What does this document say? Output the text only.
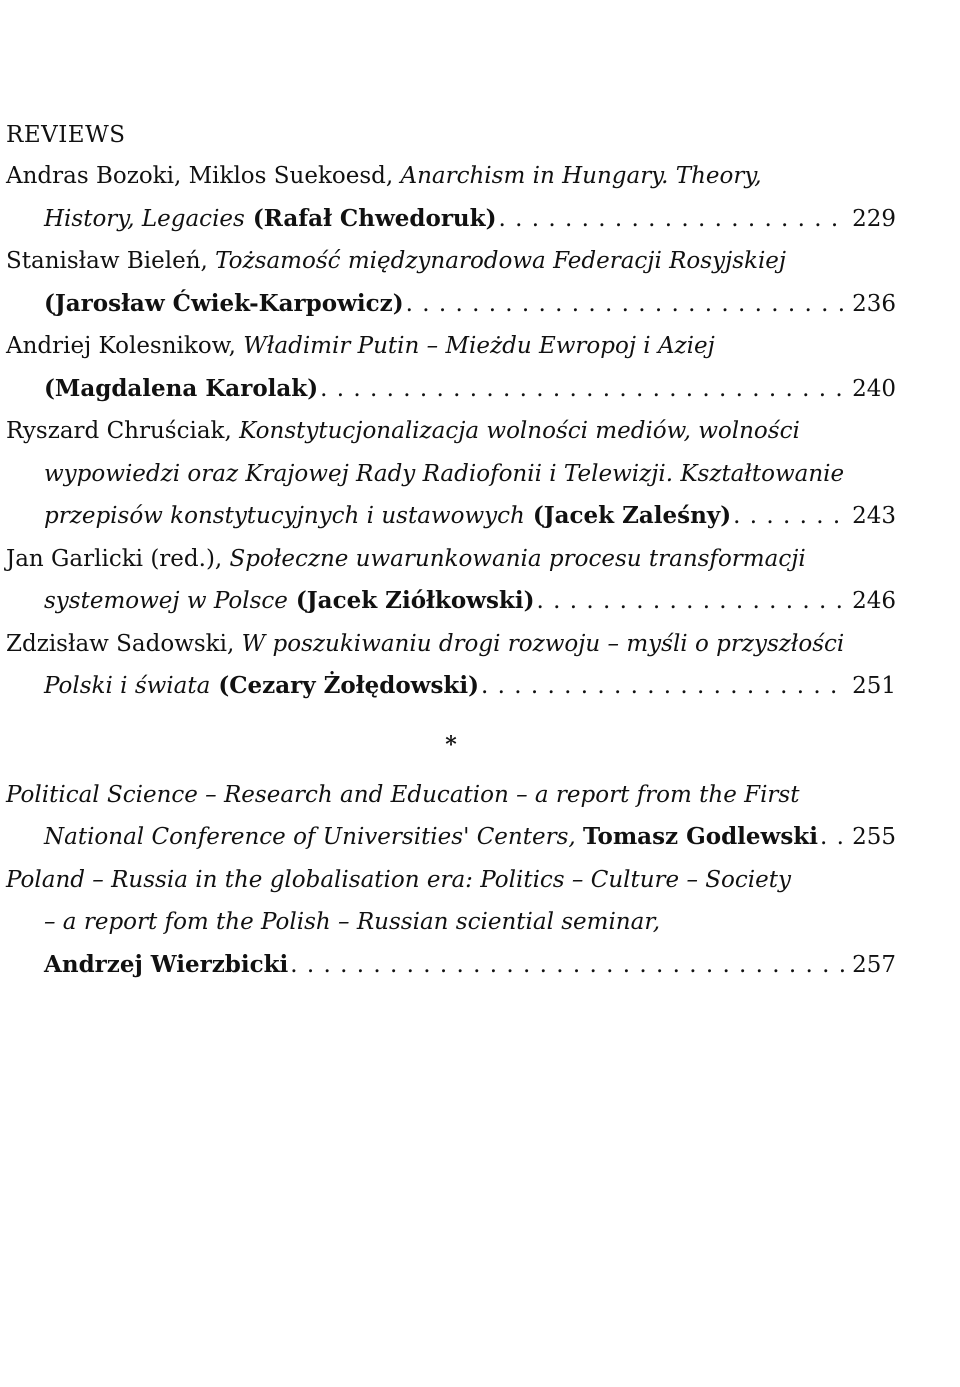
REVIEWS
Andras Bozoki, Miklos Suekoesd, Anarchism in Hungary. Theory,
History, Legacies (Rafał Chwedoruk) . . .	229
Stanisław Bieleń, Tożsamość międzynarodowa Federacji Rosyjskiej
(Jarosław Ćwiek-Karpowicz) . . .	236
Andriej Kolesnikow, Władimir Putin – Mieżdu Ewropoj i Aziej
(Magdalena Karolak) . . .	240
Ryszard Chruściak, Konstytucjonalizacja wolności mediów, wolności
wypowiedzi oraz Krajowej Rady Radiofonii i Telewizji. Kształtowanie
przepisów konstytucyjnych i ustawowych (Jacek Zaleśny) . . .	243
Jan Garlicki (red.), Społeczne uwarunkowania procesu transformacji
systemowej w Polsce (Jacek Ziółkowski) . . .	246
Zdzisław Sadowski, W poszukiwaniu drogi rozwoju – myśli o przyszłości
Polski i świata (Cezary Żołędowski) . . .	251
*
Political Science – Research and Education – a report from the First
National Conference of Universities' Centers, Tomasz Godlewski . . . 255
Poland – Russia in the globalisation era: Politics – Culture – Society
– a report fom the Polish – Russian sciential seminar,
Andrzej Wierzbicki . . .	257
